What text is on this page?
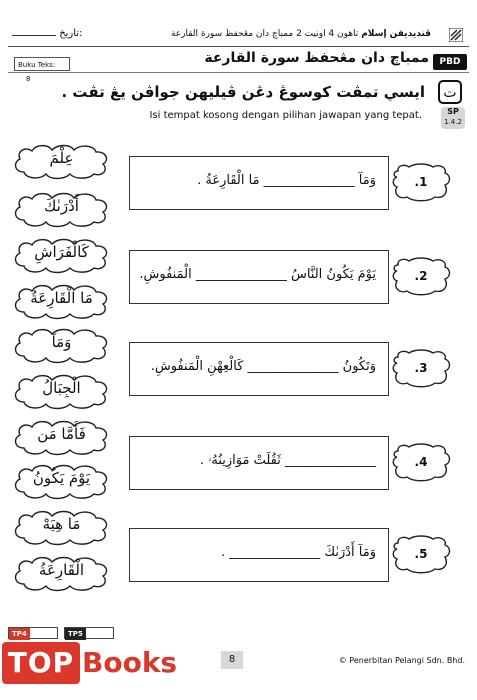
تاريخ:	ڤنديديقن إسلام تاهون 4 اونيت 2 ممباچ دان مڠحفظ سورة القارعة
Buku Teks: 8
ممباچ دان مڠحفظ سورة القارعة	PBD
ايسي تمڤت كوسوڠ دڠن ڤيليهن جواڤن يڠ تڤت .	ت
Isi tempat kosong dengan pilihan jawapan yang tepat.	SP
1.4.2
عِلْمَ
أَدْرَىٰكَ
كَالْفَرَاشِ
مَا الْقَارِعَةُ
وَمَآ
الْجِبَالُ
فَأَمَّا مَن
يَوْمَ يَكُونُ
مَا هِيَهْ
الْقَارِعَةُ
وَمَآ ______________ مَا الْقَارِعَةُ .	.1
يَوْمَ يَكُونُ النَّاسُ ______________ الْمَنفُوشِ.	.2
وَتَكُونُ ______________ كَالْعِهْنِ الْمَنفُوشِ.	.3
______________ ثَقُلَتْ مَوَازِينُهُۥ .	.4
وَمَآ أَدْرَىٰكَ ______________ .	.5
TP4	TP5
TOP Books	8	© Penerbitan Pelangi Sdn. Bhd.
